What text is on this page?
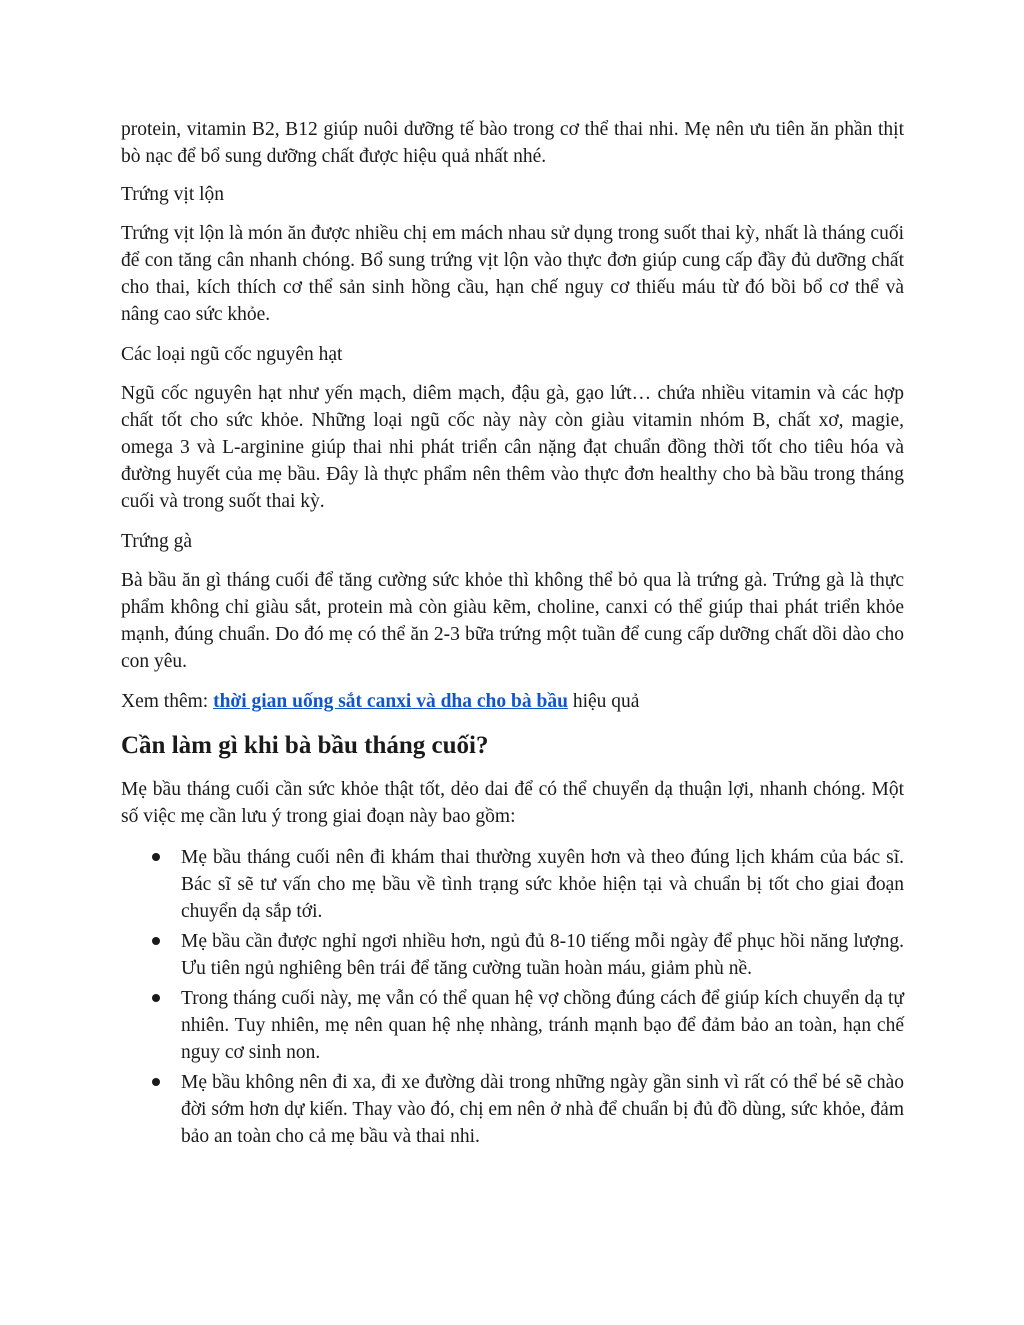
protein, vitamin B2, B12 giúp nuôi dưỡng tế bào trong cơ thể thai nhi. Mẹ nên ưu tiên ăn phần thịt bò nạc để bổ sung dưỡng chất được hiệu quả nhất nhé.

Trứng vịt lộn

Trứng vịt lộn là món ăn được nhiều chị em mách nhau sử dụng trong suốt thai kỳ, nhất là tháng cuối để con tăng cân nhanh chóng. Bổ sung trứng vịt lộn vào thực đơn giúp cung cấp đầy đủ dưỡng chất cho thai, kích thích cơ thể sản sinh hồng cầu, hạn chế nguy cơ thiếu máu từ đó bồi bổ cơ thể và nâng cao sức khỏe.

Các loại ngũ cốc nguyên hạt

Ngũ cốc nguyên hạt như yến mạch, diêm mạch, đậu gà, gạo lứt… chứa nhiều vitamin và các hợp chất tốt cho sức khỏe. Những loại ngũ cốc này này còn giàu vitamin nhóm B, chất xơ, magie, omega 3 và L-arginine giúp thai nhi phát triển cân nặng đạt chuẩn đồng thời tốt cho tiêu hóa và đường huyết của mẹ bầu. Đây là thực phẩm nên thêm vào thực đơn healthy cho bà bầu trong tháng cuối và trong suốt thai kỳ.

Trứng gà

Bà bầu ăn gì tháng cuối để tăng cường sức khỏe thì không thể bỏ qua là trứng gà. Trứng gà là thực phẩm không chỉ giàu sắt, protein mà còn giàu kẽm, choline, canxi có thể giúp thai phát triển khỏe mạnh, đúng chuẩn. Do đó mẹ có thể ăn 2-3 bữa trứng một tuần để cung cấp dưỡng chất dồi dào cho con yêu.

Xem thêm: thời gian uống sắt canxi và dha cho bà bầu hiệu quả

Cần làm gì khi bà bầu tháng cuối?

Mẹ bầu tháng cuối cần sức khỏe thật tốt, dẻo dai để có thể chuyển dạ thuận lợi, nhanh chóng. Một số việc mẹ cần lưu ý trong giai đoạn này bao gồm:

Mẹ bầu tháng cuối nên đi khám thai thường xuyên hơn và theo đúng lịch khám của bác sĩ. Bác sĩ sẽ tư vấn cho mẹ bầu về tình trạng sức khỏe hiện tại và chuẩn bị tốt cho giai đoạn chuyển dạ sắp tới.
Mẹ bầu cần được nghỉ ngơi nhiều hơn, ngủ đủ 8-10 tiếng mỗi ngày để phục hồi năng lượng. Ưu tiên ngủ nghiêng bên trái để tăng cường tuần hoàn máu, giảm phù nề.
Trong tháng cuối này, mẹ vẫn có thể quan hệ vợ chồng đúng cách để giúp kích chuyển dạ tự nhiên. Tuy nhiên, mẹ nên quan hệ nhẹ nhàng, tránh mạnh bạo để đảm bảo an toàn, hạn chế nguy cơ sinh non.
Mẹ bầu không nên đi xa, đi xe đường dài trong những ngày gần sinh vì rất có thể bé sẽ chào đời sớm hơn dự kiến. Thay vào đó, chị em nên ở nhà để chuẩn bị đủ đồ dùng, sức khỏe, đảm bảo an toàn cho cả mẹ bầu và thai nhi.
